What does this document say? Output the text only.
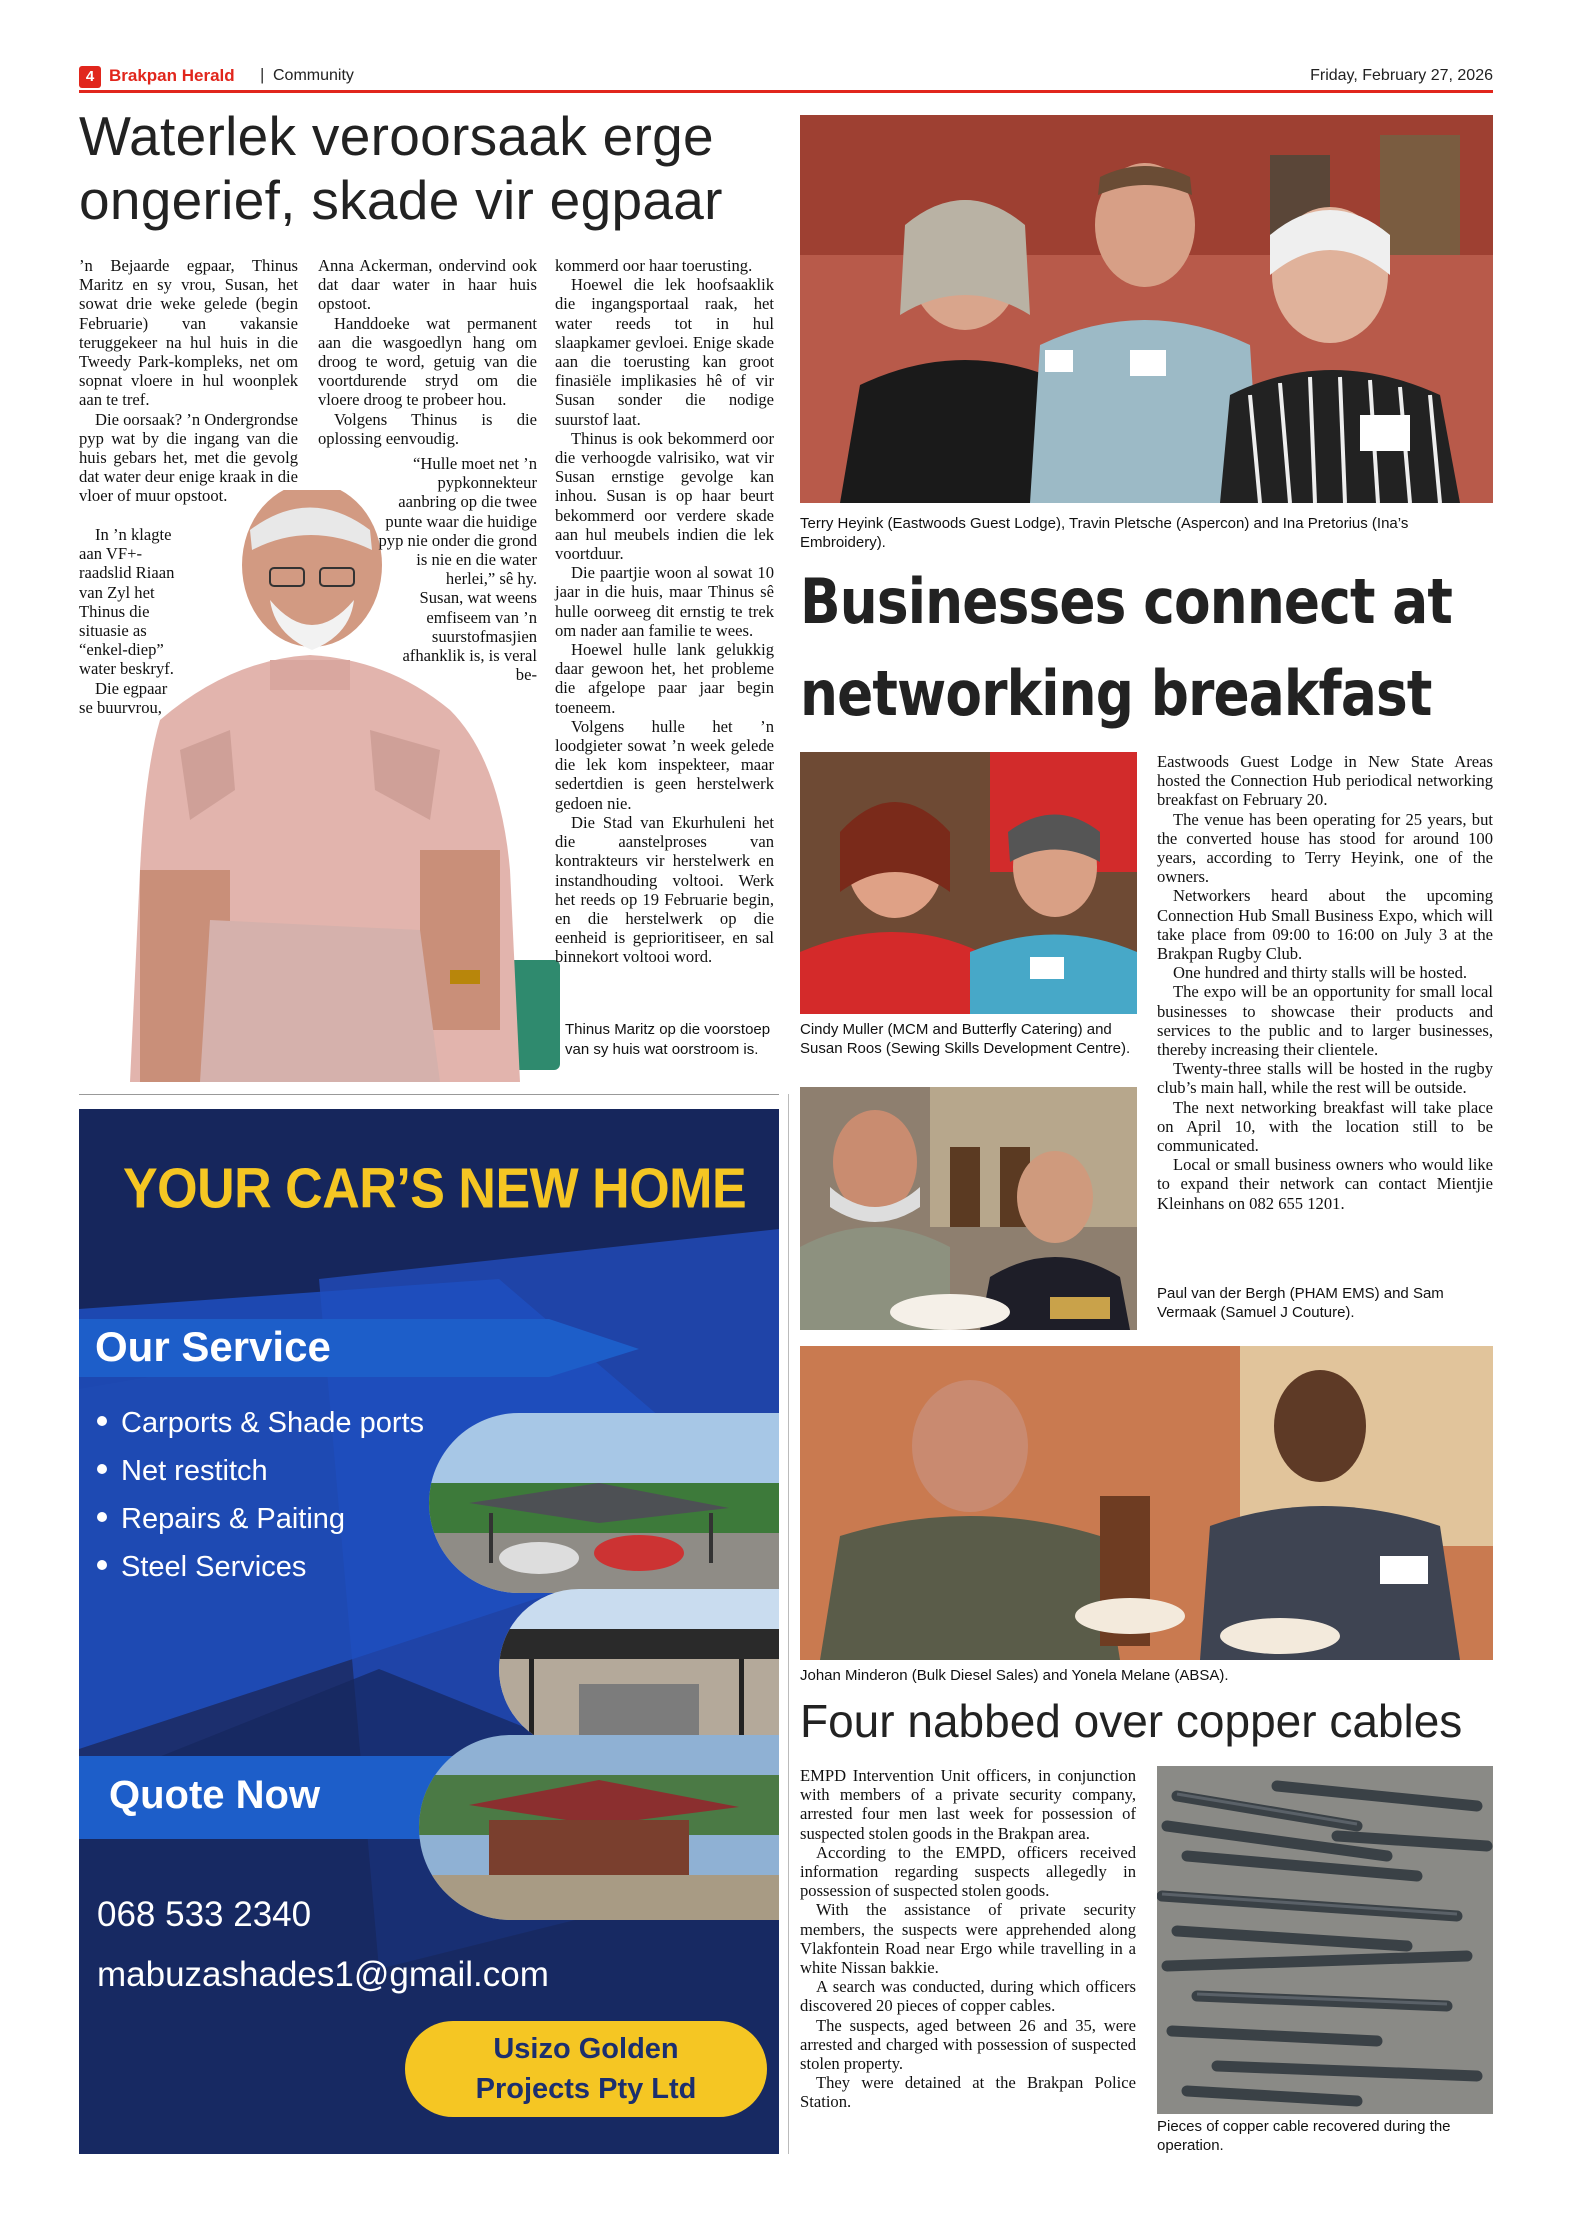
4 Brakpan Herald | Community	Friday, February 27, 2026
Waterlek veroorsaak erge
ongerief, skade vir egpaar

’n Bejaarde egpaar, Thinus Maritz en sy vrou, Susan, het sowat drie weke gelede (begin Februarie) van vakansie teruggekeer na hul huis in die Tweedy Park-kompleks, net om sopnat vloere in hul woonplek aan te tref.

Die oorsaak? ’n Ondergrondse pyp wat by die ingang van die huis gebars het, met die gevolg dat water deur enige kraak in die vloer of muur opstoot.

In ’n klagte aan VF+-raadslid Riaan van Zyl het Thinus die situasie as “enkel-diep” water beskryf.

Die egpaar se buurvrou,

Anna Ackerman, ondervind ook dat daar water in haar huis opstoot.

Handdoeke wat permanent aan die wasgoedlyn hang om droog te word, getuig van die voortdurende stryd om die vloere droog te probeer hou.

Volgens Thinus is die oplossing eenvoudig.

“Hulle moet net ’n pypkonnekteur aanbring op die twee punte waar die huidige pyp nie onder die grond is nie en die water herlei,” sê hy.

Susan, wat weens emfiseem van ’n suurstofmasjien afhanklik is, is veral be-

kommerd oor haar toerusting.

Hoewel die lek hoofsaaklik die ingangsportaal raak, het water reeds tot in hul slaapkamer gevloei. Enige skade aan die toerusting kan groot finasiële implikasies hê of vir Susan sonder die nodige suurstof laat.

Thinus is ook bekommerd oor die verhoogde valrisiko, wat vir Susan ernstige gevolge kan inhou. Susan is op haar beurt bekommerd oor verdere skade aan hul meubels indien die lek voortduur.

Die paartjie woon al sowat 10 jaar in die huis, maar Thinus sê hulle oorweeg dit ernstig te trek om nader aan familie te wees.

Hoewel hulle lank gelukkig daar gewoon het, het probleme die afgelope paar jaar begin toeneem.

Volgens hulle het ’n loodgieter sowat ’n week gelede die lek kom inspekteer, maar sedertdien is geen herstelwerk gedoen nie.

Die Stad van Ekurhuleni het die aanstelproses van kontrakteurs vir herstelwerk en instandhouding voltooi. Werk het reeds op 19 Februarie begin, en die herstelwerk op die eenheid is geprioritiseer, en sal binnekort voltooi word.

Thinus Maritz op die voorstoep van sy huis wat oorstroom is.
YOUR CAR’S NEW HOME
Our Service
Carports & Shade ports
Net restitch
Repairs & Paiting
Steel Services
Quote Now
068 533 2340
mabuzashades1@gmail.com
Usizo Golden
Projects Pty Ltd
Terry Heyink (Eastwoods Guest Lodge), Travin Pletsche (Aspercon) and Ina Pretorius (Ina’s Embroidery).
Businesses connect at
networking breakfast
Cindy Muller (MCM and Butterfly Catering) and Susan Roos (Sewing Skills Development Centre).
Paul van der Bergh (PHAM EMS) and Sam Vermaak (Samuel J Couture).

Eastwoods Guest Lodge in New State Areas hosted the Connection Hub periodical networking breakfast on February 20.

The venue has been operating for 25 years, but the converted house has stood for around 100 years, according to Terry Heyink, one of the owners.

Networkers heard about the upcoming Connection Hub Small Business Expo, which will take place from 09:00 to 16:00 on July 3 at the Brakpan Rugby Club.

One hundred and thirty stalls will be hosted.

The expo will be an opportunity for small local businesses to showcase their products and services to the public and to larger businesses, thereby increasing their clientele.

Twenty-three stalls will be hosted in the rugby club’s main hall, while the rest will be outside.

The next networking breakfast will take place on April 10, with the location still to be communicated.

Local or small business owners who would like to expand their network can contact Mientjie Kleinhans on 082 655 1201.

Johan Minderon (Bulk Diesel Sales) and Yonela Melane (ABSA).
Four nabbed over copper cables

EMPD Intervention Unit officers, in conjunction with members of a private security company, arrested four men last week for possession of suspected stolen goods in the Brakpan area.

According to the EMPD, officers received information regarding suspects allegedly in possession of suspected stolen goods.

With the assistance of private security members, the suspects were apprehended along Vlakfontein Road near Ergo while travelling in a white Nissan bakkie.

A search was conducted, during which officers discovered 20 pieces of copper cables.

The suspects, aged between 26 and 35, were arrested and charged with possession of suspected stolen property.

They were detained at the Brakpan Police Station.

Pieces of copper cable recovered during the operation.
